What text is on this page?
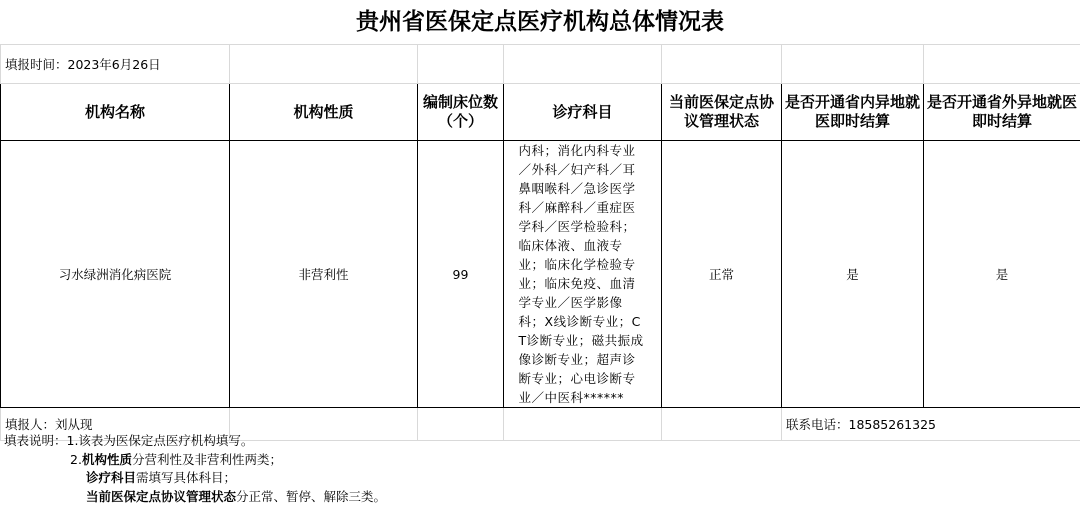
贵州省医保定点医疗机构总体情况表
填报时间：2023年6月26日						
机构名称	机构性质	编制床位数（个）	诊疗科目	当前医保定点协议管理状态	是否开通省内异地就医即时结算	是否开通省外异地就医即时结算
习水绿洲消化病医院	非营利性	99	内科；消化内科专业／外科／妇产科／耳鼻咽喉科／急诊医学科／麻醉科／重症医学科／医学检验科；临床体液、血液专业；临床化学检验专业；临床免疫、血清学专业／医学影像科；X线诊断专业；CT诊断专业；磁共振成像诊断专业；超声诊断专业；心电诊断专业／中医科******	正常	是	是
填报人：刘从现					联系电话：18585261325	
填表说明：1.该表为医保定点医疗机构填写。
2.机构性质分营利性及非营利性两类；
诊疗科目需填写具体科目；
当前医保定点协议管理状态分正常、暂停、解除三类。
